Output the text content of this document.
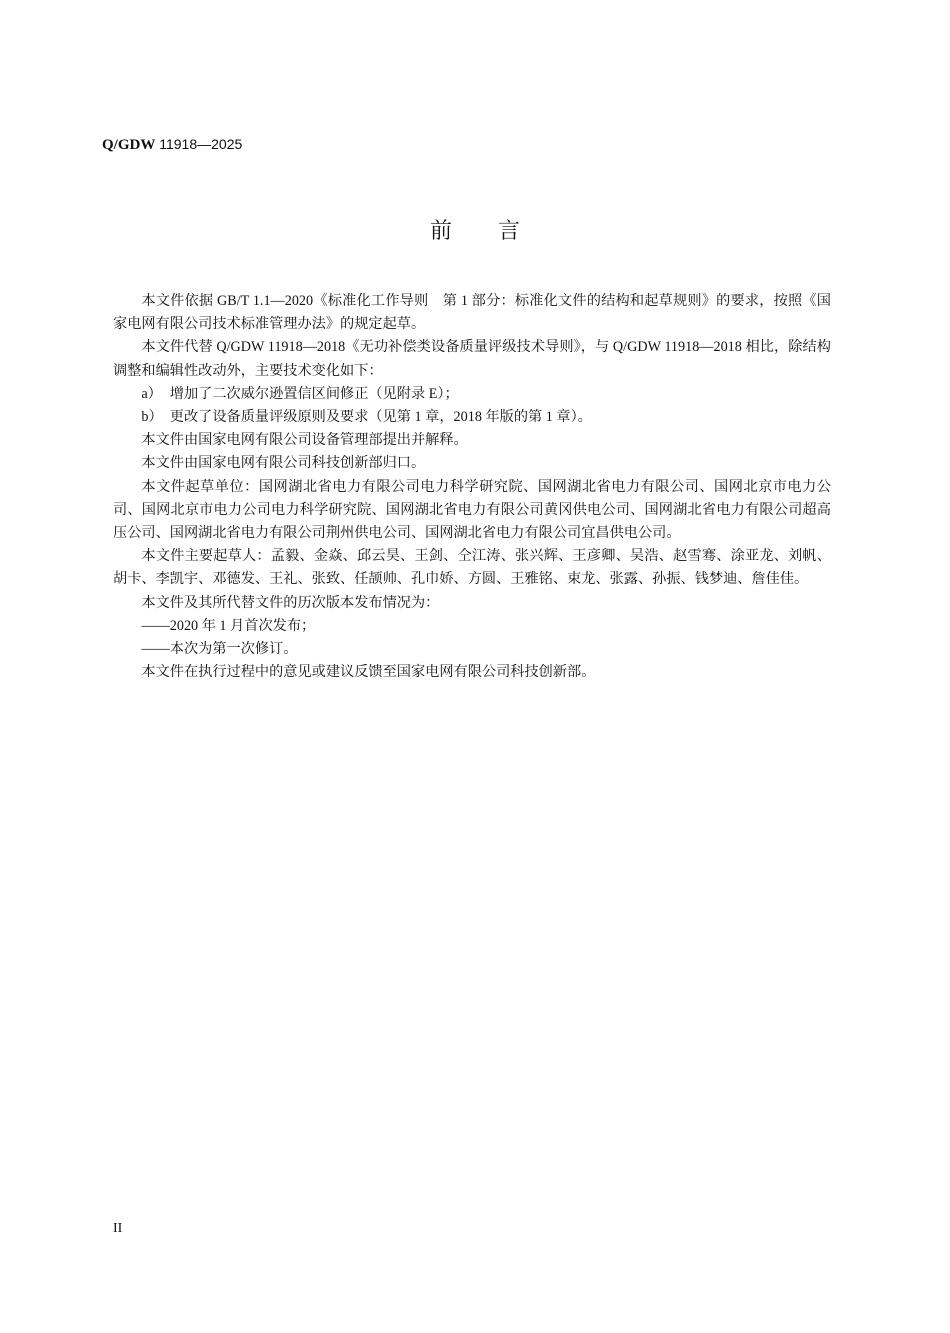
Q/GDW 11918—2025
前言

本文件依据 GB/T 1.1—2020《标准化工作导则　第 1 部分：标准化文件的结构和起草规则》的要求，按照《国家电网有限公司技术标准管理办法》的规定起草。

本文件代替 Q/GDW 11918—2018《无功补偿类设备质量评级技术导则》，与 Q/GDW 11918—2018 相比，除结构调整和编辑性改动外，主要技术变化如下：

a） 增加了二次威尔逊置信区间修正（见附录 E）；

b） 更改了设备质量评级原则及要求（见第 1 章，2018 年版的第 1 章）。

本文件由国家电网有限公司设备管理部提出并解释。

本文件由国家电网有限公司科技创新部归口。

本文件起草单位：国网湖北省电力有限公司电力科学研究院、国网湖北省电力有限公司、国网北京市电力公司、国网北京市电力公司电力科学研究院、国网湖北省电力有限公司黄冈供电公司、国网湖北省电力有限公司超高压公司、国网湖北省电力有限公司荆州供电公司、国网湖北省电力有限公司宜昌供电公司。

本文件主要起草人：孟毅、金焱、邱云昊、王剑、仝江涛、张兴辉、王彦卿、吴浩、赵雪骞、涂亚龙、刘帆、胡卡、李凯宇、邓德发、王礼、张致、任颉帅、孔巾娇、方圆、王雅铭、束龙、张露、孙振、钱梦迪、詹佳佳。

本文件及其所代替文件的历次版本发布情况为：

——2020 年 1 月首次发布；

——本次为第一次修订。

本文件在执行过程中的意见或建议反馈至国家电网有限公司科技创新部。

II
